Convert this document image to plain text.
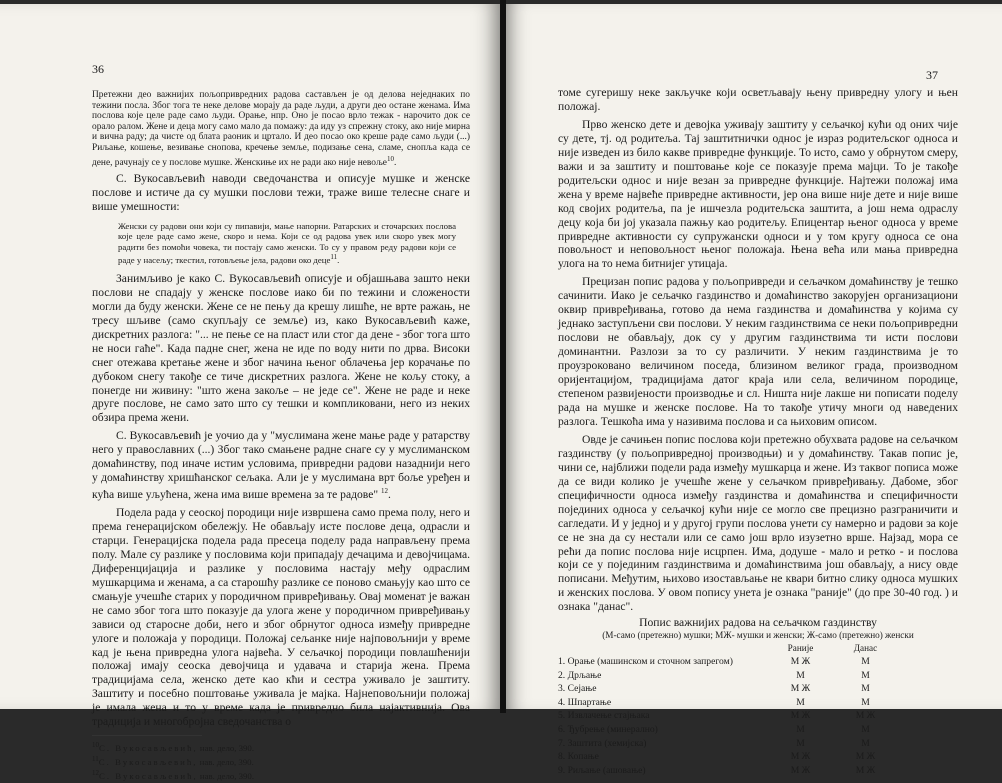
36

Претежни део важнијих пољопривредних радова састављен је од делова неједнаких по тежини посла. Због тога те неке делове морају да раде људи, а други део остане женама. Има послова које целе раде само људи. Орање, нпр. Оно је посао врло тежак - нарочито док се орало ралом. Жене и деца могу само мало да помажу: да иду уз спрежну стоку, ако није мирна и вична раду; да чисте од блата раоник и цртало. И део посао око креше раде само људи (...) Риљање, кошење, везивање снопова, кречење земље, подизање сена, сламе, снопља када се дене, рачунају се у послове мушке. Женскиње их не ради ако није невоље$^{10}$.

С. Вукосављевић наводи сведочанства и описује мушке и женске послове и истиче да су мушки послови тежи, траже више телесне снаге и више умешности:

Женски су радови они који су пипавији, мање напорни. Ратарских и сточарских послова које целе раде само жене, скоро и нема. Који се од радова увек или скоро увек могу радити без помоћи човека, ти постају само женски. То су у правом реду радови који се раде у насељу; ткестил, готовљење јела, радови око деце$^{11}$.

Занимљиво је како С. Вукосављевић описује и објашњава зашто неки послови не спадају у женске послове иако би по тежини и сложености могли да буду женски. Жене се не пењу да крешу лишће, не врте ражањ, не тресу шљиве (само скупљају се земље) из, како Вукосављевић каже, дискретних разлога: "... не пење се на пласт или стог да дене - због тога што не носи гаће". Када падне снег, жена не иде по воду нити по дрва. Високи снег отежава кретање жене и због начина њеног облачења јер корачање по дубоком снегу такође се тиче дискретних разлога. Жене не кољу стоку, а понегде ни живину: "што жена закоље – не једе се". Жене не раде и неке друге послове, не само зато што су тешки и компликовани, него из неких обзира према жени.

С. Вукосављевић је уочио да у "муслимана жене мање раде у ратарству него у православних (...) Због тако смањене радне снаге су у муслиманском домаћинству, под иначе истим условима, привредни радови назаднији него у домаћинству хришћанског сељака. Али је у муслимана врт боље уређен и кућа више уљућена, жена има више времена за те радове" $^{12}$.

Подела рада у сеоској породици није извршена само према полу, него и према генерацијском обележју. Не обављају исте послове деца, одрасли и старци. Генерацијска подела рада пресеца поделу рада направљену према полу. Мале су разлике у пословима који припадају дечацима и девојчицама. Диференцијација и разлике у пословима настају међу одраслим мушкарцима и женама, а са старошћу разлике се поново смањују као што се смањује учешће старих у породичном привређивању. Овај моменат је важан не само због тога што показује да улога жене у породичном привређивању зависи од старосне доби, него и због обрнутог односа између привредне улоге и положаја у породици. Положај сељанке није најповољнији у време кад је њена привредна улога највећа. У сељачкој породици повлашћенији положај имају сеоска девојчица и удавача и старија жена. Према традицијама села, женско дете као кћи и сестра уживало је заштиту. Заштиту и посебно поштовање уживала је мајка. Најнеповољнији положај је имала жена и то у време када је привредно била најактивнија. Ова традиција и многобројна сведочанства о

$^{10}$С. Вукосављевић, нав. дело, 390.

$^{11}$С. Вукосављевић, нав. дело, 390.

$^{12}$С. Вукосављевић, нав. дело, 390.

37

томе сугеришу неке закључке који осветљавају њену привредну улогу и њен положај.

Прво женско дете и девојка уживају заштиту у сељачкој кући од оних чије су дете, тј. од родитеља. Тај заштитнички однос је израз родитељског односа и није изведен из било какве привредне функције. То исто, само у обрнутом смеру, важи и за заштиту и поштовање које се показује према мајци. То је такође родитељски однос и није везан за привредне функције. Најтежи положај има жена у време највеће привредне активности, јер она више није дете и није више код својих родитеља, па је ишчезла родитељска заштита, а још нема одраслу децу која би јој указала пажњу као родитељу. Епицентар њеног односа у време привредне активности су супружански односи и у том кругу односа се она повољност и неповољност њеног положаја. Њена већа или мања привредна улога на то нема битнијег утицаја.

Прецизан попис радова у пољопривреди и сељачком домаћинству је тешко сачинити. Иако је сељачко газдинство и домаћинство закорујен организациони оквир привређивања, готово да нема газдинства и домаћинства у којима су једнако заступљени сви послови. У неким газдинствима се неки пољопривредни послови не обављају, док су у другим газдинствима ти исти послови доминантни. Разлози за то су различити. У неким газдинствима је то проузроковано величином поседа, близином великог града, производном оријентацијом, традицијама датог краја или села, величином породице, степеном развијености производње и сл. Ништа није лакше ни пописати поделу рада на мушке и женске послове. На то такође утичу многи од наведених разлога. Тешкоћа има у називима послова и са њиховим описом.

Овде је сачињен попис послова који претежно обухвата радове на сељачком газдинству (у пољопривредној производњи) и у домаћинству. Такав попис је, чини се, најближи подели рада између мушкарца и жене. Из таквог пописа може да се види колико је учешће жене у сељачком привређивању. Дабоме, због специфичности односа између газдинства и домаћинства и специфичности појединих односа у сељачкој кући није се могло све прецизно разграничити и сагледати. И у једној и у другој групи послова унети су намерно и радови за које се не зна да су нестали или се само још врло изузетно врше. Најзад, мора се рећи да попис послова није исцрпен. Има, додуше - мало и ретко - и послова који се у појединим газдинствима и домаћинствима још обављају, а нису овде пописани. Међутим, њихово изостављање не квари битно слику односа мушких и женских послова. У овом попису унета је ознака "раније" (до пре 30-40 год. ) и ознака "данас".

Попис важнијих радова на сељачком газдинству

(М-само (претежно) мушки; МЖ- мушки и женски; Ж-само (претежно) женски

	Раније	Данас
1. Орање (машинском и сточном запрегом)	М Ж	М
2. Дрљање	М	М
3. Сејање	М Ж	М
4. Шпартање	М	М
5. Извлачење стајњака	М Ж	М Ж
6. Ђубрење (минерално)	М	М
7. Заштита (хемијска)	М	М
8. Копање	М Ж	М Ж
9. Риљање (ашовање)	М Ж	М Ж
